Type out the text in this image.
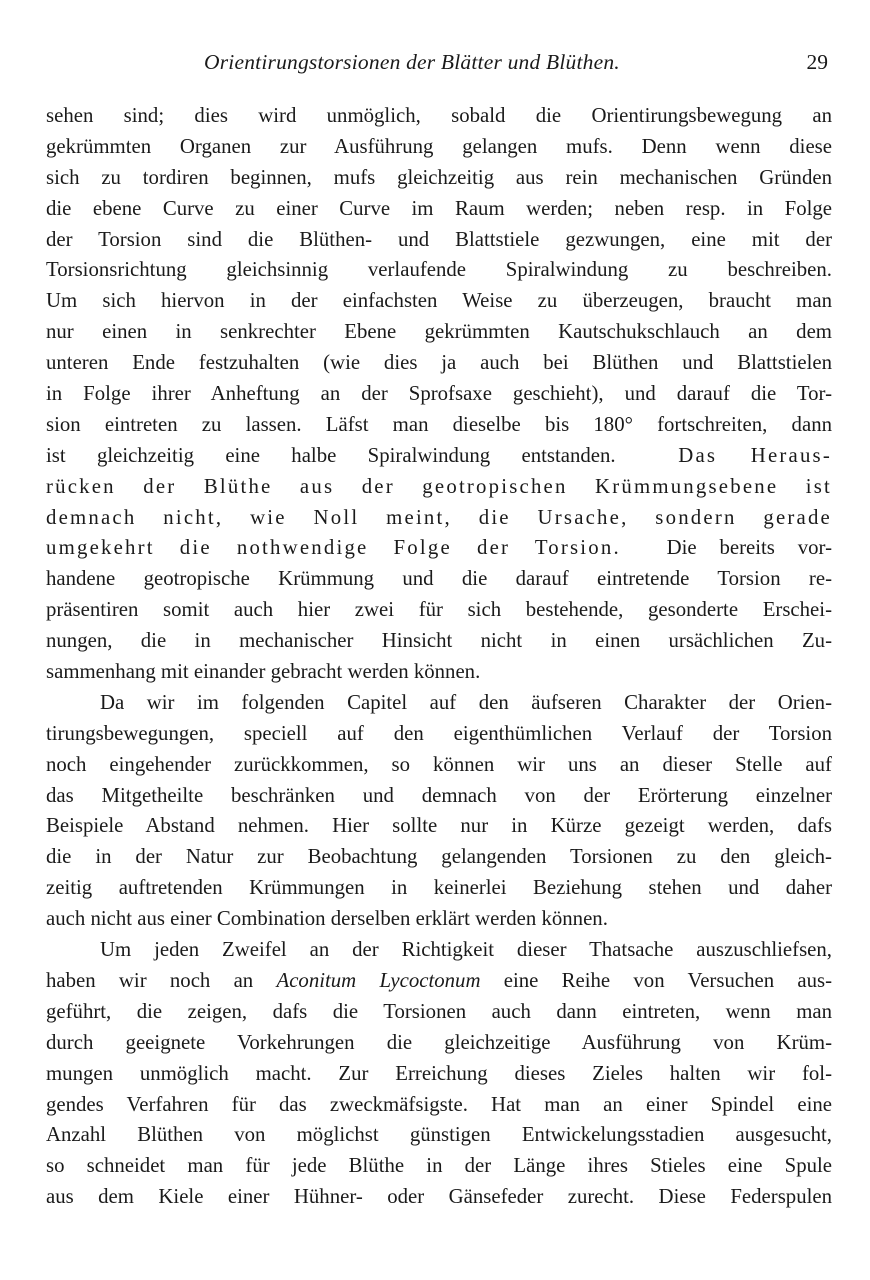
Orientirungstorsionen der Blätter und Blüthen.	29
sehen sind; dies wird unmöglich, sobald die Orientirungsbewegung an
gekrümmten Organen zur Ausführung gelangen mufs. Denn wenn diese
sich zu tordiren beginnen, mufs gleichzeitig aus rein mechanischen Gründen
die ebene Curve zu einer Curve im Raum werden; neben resp. in Folge
der Torsion sind die Blüthen- und Blattstiele gezwungen, eine mit der
Torsionsrichtung gleichsinnig verlaufende Spiralwindung zu beschreiben.
Um sich hiervon in der einfachsten Weise zu überzeugen, braucht man
nur einen in senkrechter Ebene gekrümmten Kautschukschlauch an dem
unteren Ende festzuhalten (wie dies ja auch bei Blüthen und Blattstielen
in Folge ihrer Anheftung an der Sprofsaxe geschieht), und darauf die Tor-
sion eintreten zu lassen. Läfst man dieselbe bis 180° fortschreiten, dann
ist gleichzeitig eine halbe Spiralwindung entstanden.	Das Heraus-
rücken der Blüthe aus der geotropischen Krümmungsebene ist
demnach nicht, wie Noll meint, die Ursache, sondern gerade
umgekehrt die nothwendige Folge der Torsion. Die bereits vor-
handene geotropische Krümmung und die darauf eintretende Torsion re-
präsentiren somit auch hier zwei für sich bestehende, gesonderte Erschei-
nungen, die in mechanischer Hinsicht nicht in einen ursächlichen Zu-
sammenhang mit einander gebracht werden können.
Da wir im folgenden Capitel auf den äufseren Charakter der Orien-
tirungsbewegungen, speciell auf den eigenthümlichen Verlauf der Torsion
noch eingehender zurückkommen, so können wir uns an dieser Stelle auf
das Mitgetheilte beschränken und demnach von der Erörterung einzelner
Beispiele Abstand nehmen. Hier sollte nur in Kürze gezeigt werden, dafs
die in der Natur zur Beobachtung gelangenden Torsionen zu den gleich-
zeitig auftretenden Krümmungen in keinerlei Beziehung stehen und daher
auch nicht aus einer Combination derselben erklärt werden können.
Um jeden Zweifel an der Richtigkeit dieser Thatsache auszuschliefsen,
haben wir noch an Aconitum Lycoctonum eine Reihe von Versuchen aus-
geführt, die zeigen, dafs die Torsionen auch dann eintreten, wenn man
durch geeignete Vorkehrungen die gleichzeitige Ausführung von Krüm-
mungen unmöglich macht. Zur Erreichung dieses Zieles halten wir fol-
gendes Verfahren für das zweckmäfsigste. Hat man an einer Spindel eine
Anzahl Blüthen von möglichst günstigen Entwickelungsstadien ausgesucht,
so schneidet man für jede Blüthe in der Länge ihres Stieles eine Spule
aus dem Kiele einer Hühner- oder Gänsefeder zurecht. Diese Federspulen
